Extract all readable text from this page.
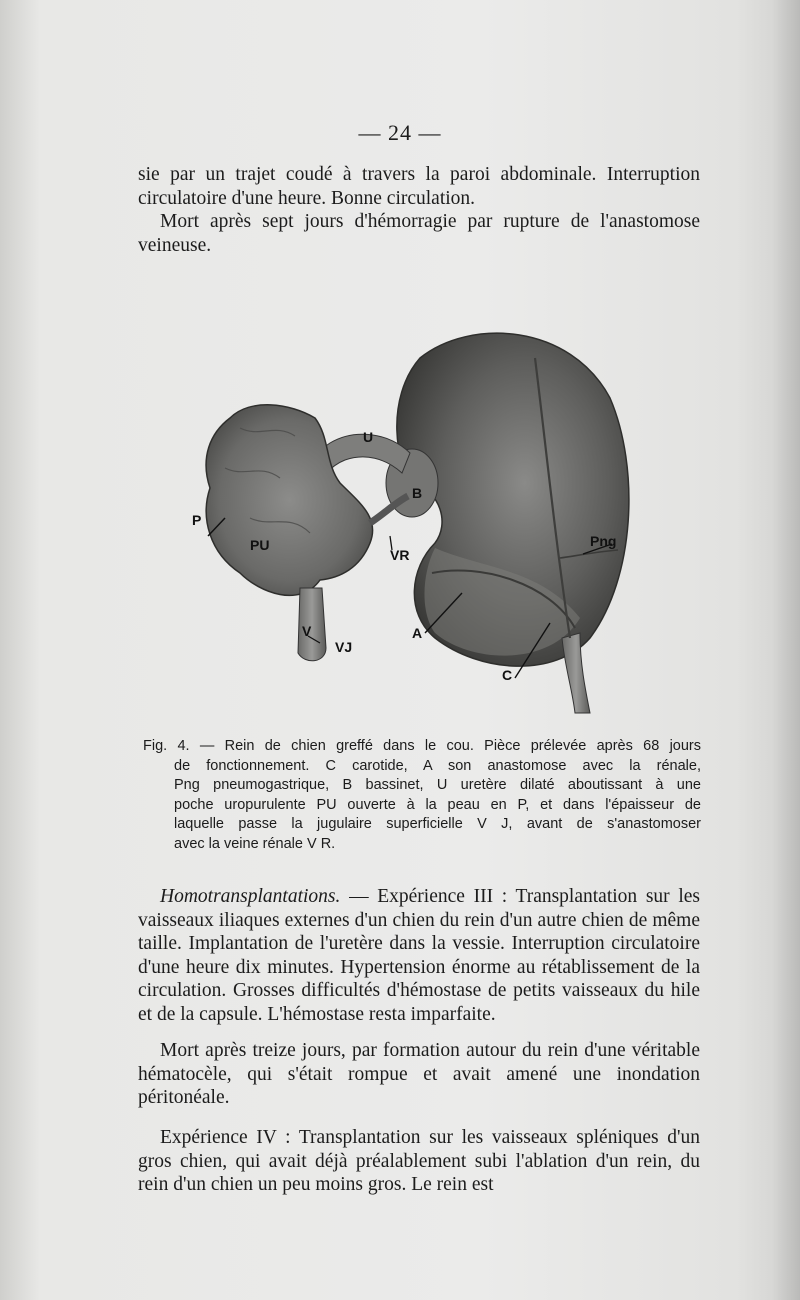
— 24 —

sie par un trajet coudé à travers la paroi abdominale. Interruption circulatoire d'une heure. Bonne circulation.

Mort après sept jours d'hémorragie par rupture de l'anastomose veineuse.

U
B
P
PU
VR
Png
V
VJ
A
C

Fig. 4. — Rein de chien greffé dans le cou. Pièce prélevée après 68 jours
de fonctionnement. C carotide, A son anastomose avec la rénale,
Png pneumogastrique, B bassinet, U uretère dilaté aboutissant à une
poche uropurulente PU ouverte à la peau en P, et dans l'épaisseur de
laquelle passe la jugulaire superficielle V J, avant de s'anastomoser
avec la veine rénale V R.

Homotransplantations. — Expérience III : Transplantation sur les vaisseaux iliaques externes d'un chien du rein d'un autre chien de même taille. Implantation de l'uretère dans la vessie. Interruption circulatoire d'une heure dix minutes. Hypertension énorme au rétablissement de la circulation. Grosses difficultés d'hémostase de petits vaisseaux du hile et de la capsule. L'hémostase resta imparfaite.

Mort après treize jours, par formation autour du rein d'une véritable hématocèle, qui s'était rompue et avait amené une inondation péritonéale.

Expérience IV : Transplantation sur les vaisseaux spléniques d'un gros chien, qui avait déjà préalablement subi l'ablation d'un rein, du rein d'un chien un peu moins gros. Le rein est
